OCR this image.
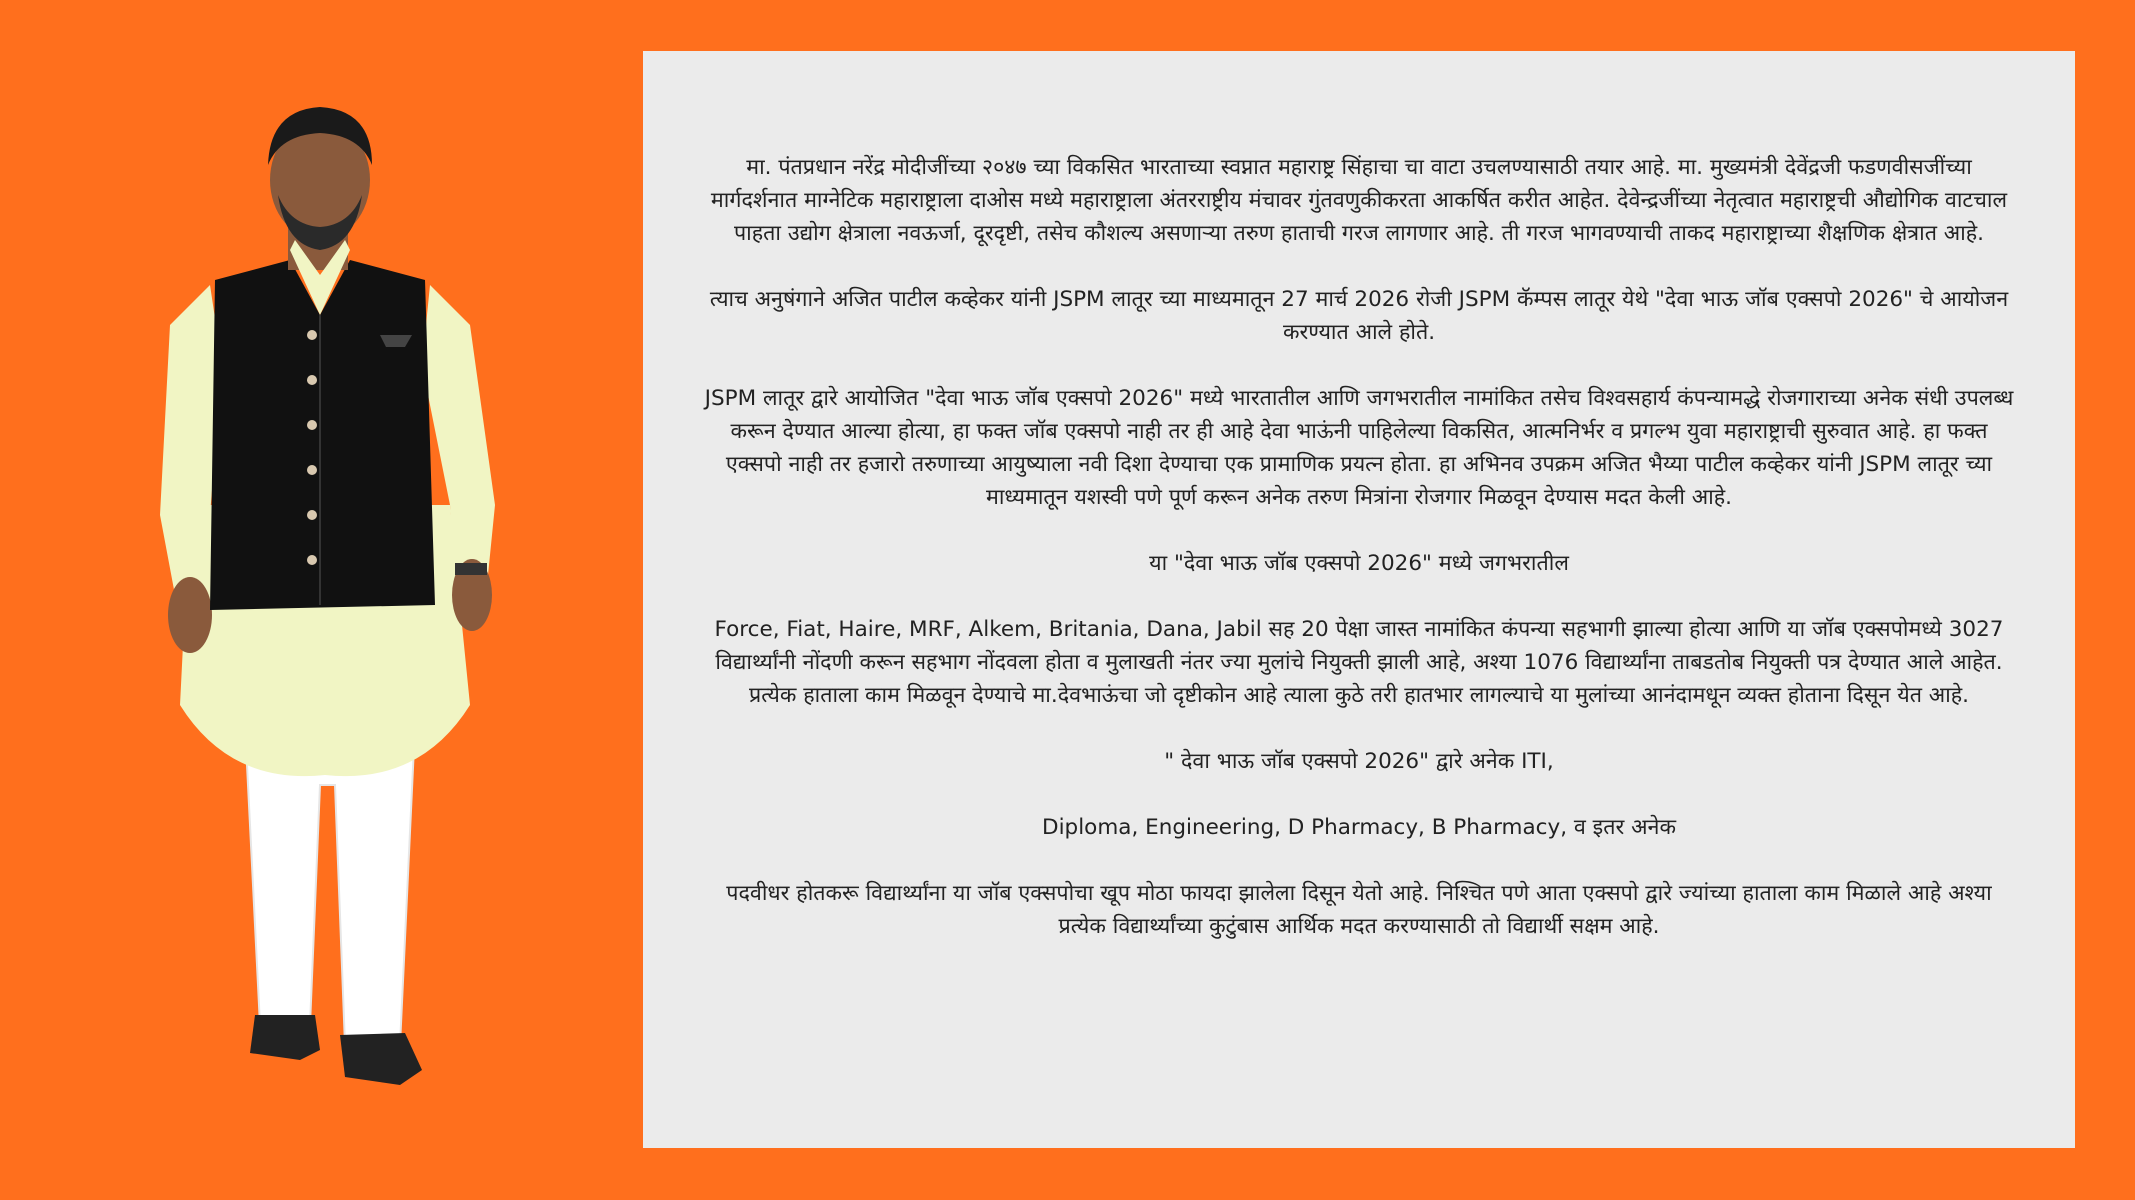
मा. पंतप्रधान नरेंद्र मोदीजींच्या २०४७ च्या विकसित भारताच्या स्वप्नात महाराष्ट्र सिंहाचा चा वाटा उचलण्यासाठी तयार आहे. मा. मुख्यमंत्री देवेंद्रजी फडणवीसजींच्या मार्गदर्शनात माग्नेटिक महाराष्ट्राला दाओस मध्ये महाराष्ट्राला अंतरराष्ट्रीय मंचावर गुंतवणुकीकरता आकर्षित करीत आहेत. देवेन्द्रजींच्या नेतृत्वात महाराष्ट्रची औद्योगिक वाटचाल पाहता उद्योग क्षेत्राला नवऊर्जा, दूरदृष्टी, तसेच कौशल्य असणाऱ्या तरुण हाताची गरज लागणार आहे. ती गरज भागवण्याची ताकद महाराष्ट्राच्या शैक्षणिक क्षेत्रात आहे.

त्याच अनुषंगाने अजित पाटील कव्हेकर यांनी JSPM लातूर च्या माध्यमातून 27 मार्च 2026 रोजी JSPM कॅम्पस लातूर येथे "देवा भाऊ जॉब एक्सपो 2026" चे आयोजन करण्यात आले होते.

JSPM लातूर द्वारे आयोजित "देवा भाऊ जॉब एक्सपो 2026" मध्ये भारतातील आणि जगभरातील नामांकित तसेच विश्वसहार्य कंपन्यामद्धे रोजगाराच्या अनेक संधी उपलब्ध करून देण्यात आल्या होत्या, हा फक्त जॉब एक्सपो नाही तर ही आहे देवा भाऊंनी पाहिलेल्या विकसित, आत्मनिर्भर व प्रगल्भ युवा महाराष्ट्राची सुरुवात आहे. हा फक्त एक्सपो नाही तर हजारो तरुणाच्या आयुष्याला नवी दिशा देण्याचा एक प्रामाणिक प्रयत्न होता. हा अभिनव उपक्रम अजित भैय्या पाटील कव्हेकर यांनी JSPM लातूर च्या माध्यमातून यशस्वी पणे पूर्ण करून अनेक तरुण मित्रांना रोजगार मिळवून देण्यास मदत केली आहे.

या "देवा भाऊ जॉब एक्सपो 2026" मध्ये जगभरातील

Force, Fiat, Haire, MRF, Alkem, Britania, Dana, Jabil सह 20 पेक्षा जास्त नामांकित कंपन्या सहभागी झाल्या होत्या आणि या जॉब एक्सपोमध्ये 3027 विद्यार्थ्यांनी नोंदणी करून सहभाग नोंदवला होता व मुलाखती नंतर ज्या मुलांचे नियुक्ती झाली आहे, अश्या 1076 विद्यार्थ्यांना ताबडतोब नियुक्ती पत्र देण्यात आले आहेत. प्रत्येक हाताला काम मिळवून देण्याचे मा.देवभाऊंचा जो दृष्टीकोन आहे त्याला कुठे तरी हातभार लागल्याचे या मुलांच्या आनंदामधून व्यक्त होताना दिसून येत आहे.

" देवा भाऊ जॉब एक्सपो 2026" द्वारे अनेक ITI,

Diploma, Engineering, D Pharmacy, B Pharmacy, व इतर अनेक

पदवीधर होतकरू विद्यार्थ्यांना या जॉब एक्सपोचा खूप मोठा फायदा झालेला दिसून येतो आहे. निश्चित पणे आता एक्सपो द्वारे ज्यांच्या हाताला काम मिळाले आहे अश्या प्रत्येक विद्यार्थ्यांच्या कुटुंबास आर्थिक मदत करण्यासाठी तो विद्यार्थी सक्षम आहे.
